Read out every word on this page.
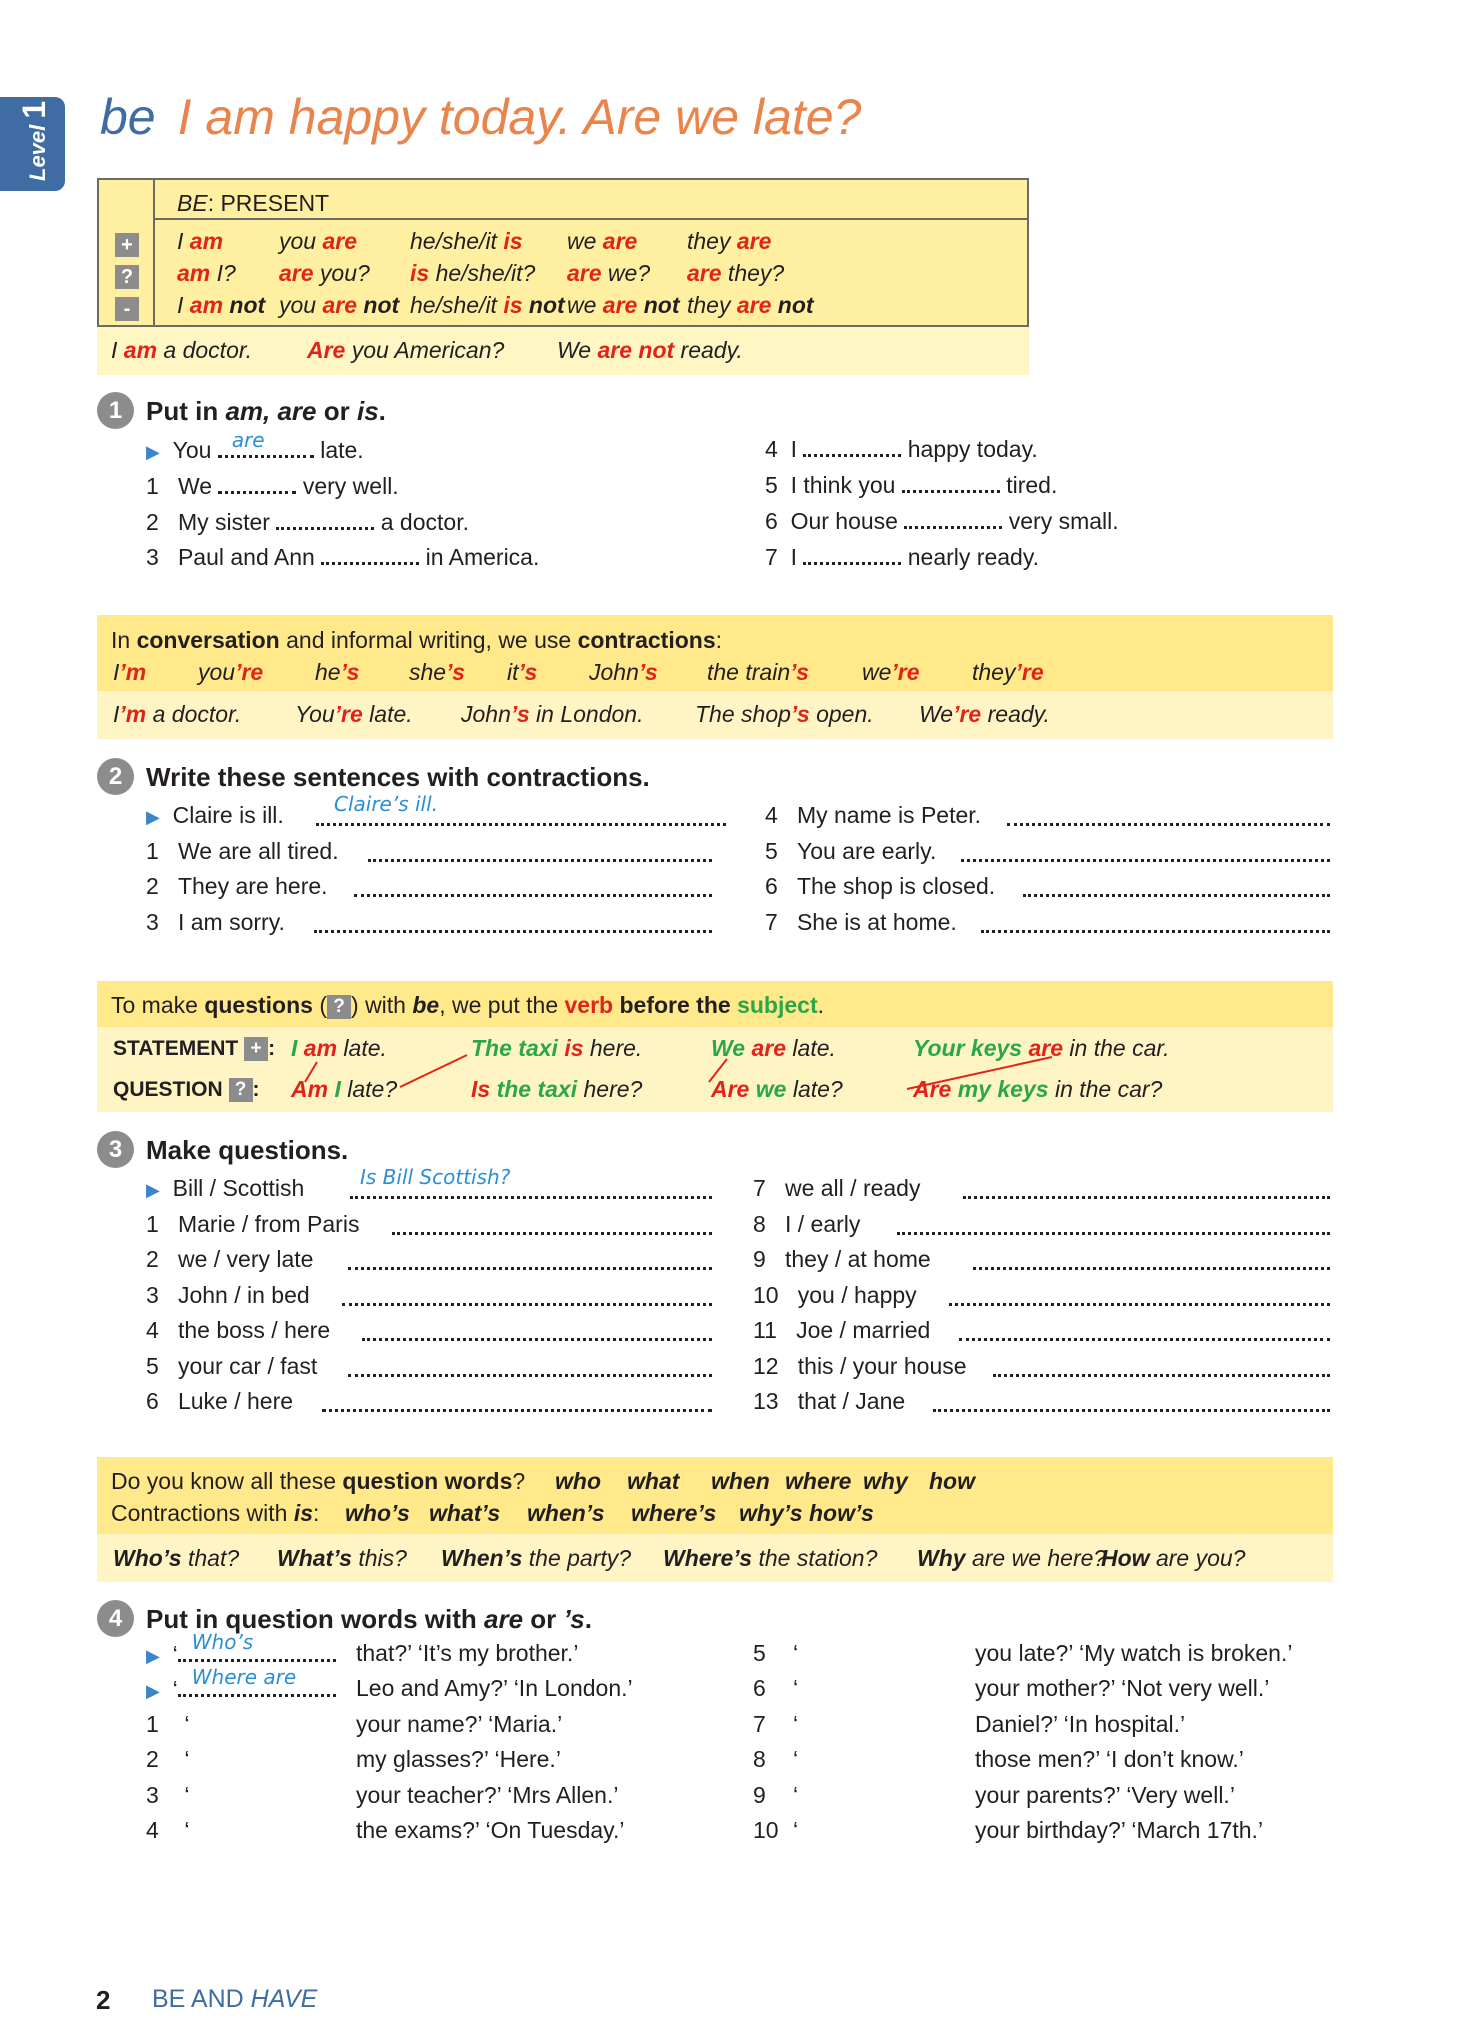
Level 1 be I am happy today. Are we late?
+
?
-
BE: PRESENT
I am you are he/she/it is we are they are
am I? are you? is he/she/it? are we? are they?
I am not you are not he/she/it is not we are not they are not
I am a doctor. Are you American? We are not ready.
1 Put in am, are or is.
▶ You are late.
1 We	very well.
2 My sister	a doctor.
3 Paul and Ann	in America.
4 I	happy today.
5 I think you	tired.
6 Our house	very small.
7 I	nearly ready.
In conversation and informal writing, we use contractions:
I’m you’re he’s she’s it’s John’s the train’s we’re they’re
I’m a doctor. You’re late. John’s in London. The shop’s open. We’re ready.
2 Write these sentences with contractions.
▶ Claire is ill.	Claire’s ill.
1 We are all tired.
2 They are here.
3 I am sorry.
4 My name is Peter.
5 You are early.
6 The shop is closed.
7 She is at home.
To make questions ( ? ) with be, we put the verb before the subject.
STATEMENT + :
QUESTION ? :
I am late.	The taxi is here.	We are late.	Your keys are in the car.
Am I late?	Is the taxi here?	Are we late?	Are my keys in the car?
3 Make questions.
▶ Bill / Scottish	Is Bill Scottish?
1 Marie / from Paris
2 we / very late
3 John / in bed
4 the boss / here
5 your car / fast
6 Luke / here
7 we all / ready
8 I / early
9 they / at home
10 you / happy
11 Joe / married
12 this / your house
13 that / Jane
Do you know all these question words?
Contractions with is:
who what when where why how
who’s what’s when’s where’s why’s how’s
Who’s that? What’s this? When’s the party? Where’s the station? Why are we here?
How are you?
4 Put in question words with are or ’s.
▶ ‘ Who’s	that?’ ‘It’s my brother.’
▶ ‘ Where are	Leo and Amy?’ ‘In London.’
1 ‘	your name?’ ‘Maria.’
2 ‘	my glasses?’ ‘Here.’
3 ‘	your teacher?’ ‘Mrs Allen.’
4 ‘	the exams?’ ‘On Tuesday.’
5 ‘	you late?’ ‘My watch is broken.’
6 ‘	your mother?’ ‘Not very well.’
7 ‘	Daniel?’ ‘In hospital.’
8 ‘	those men?’ ‘I don’t know.’
9 ‘	your parents?’ ‘Very well.’
10 ‘	your birthday?’ ‘March 17th.’
2 BE AND HAVE
